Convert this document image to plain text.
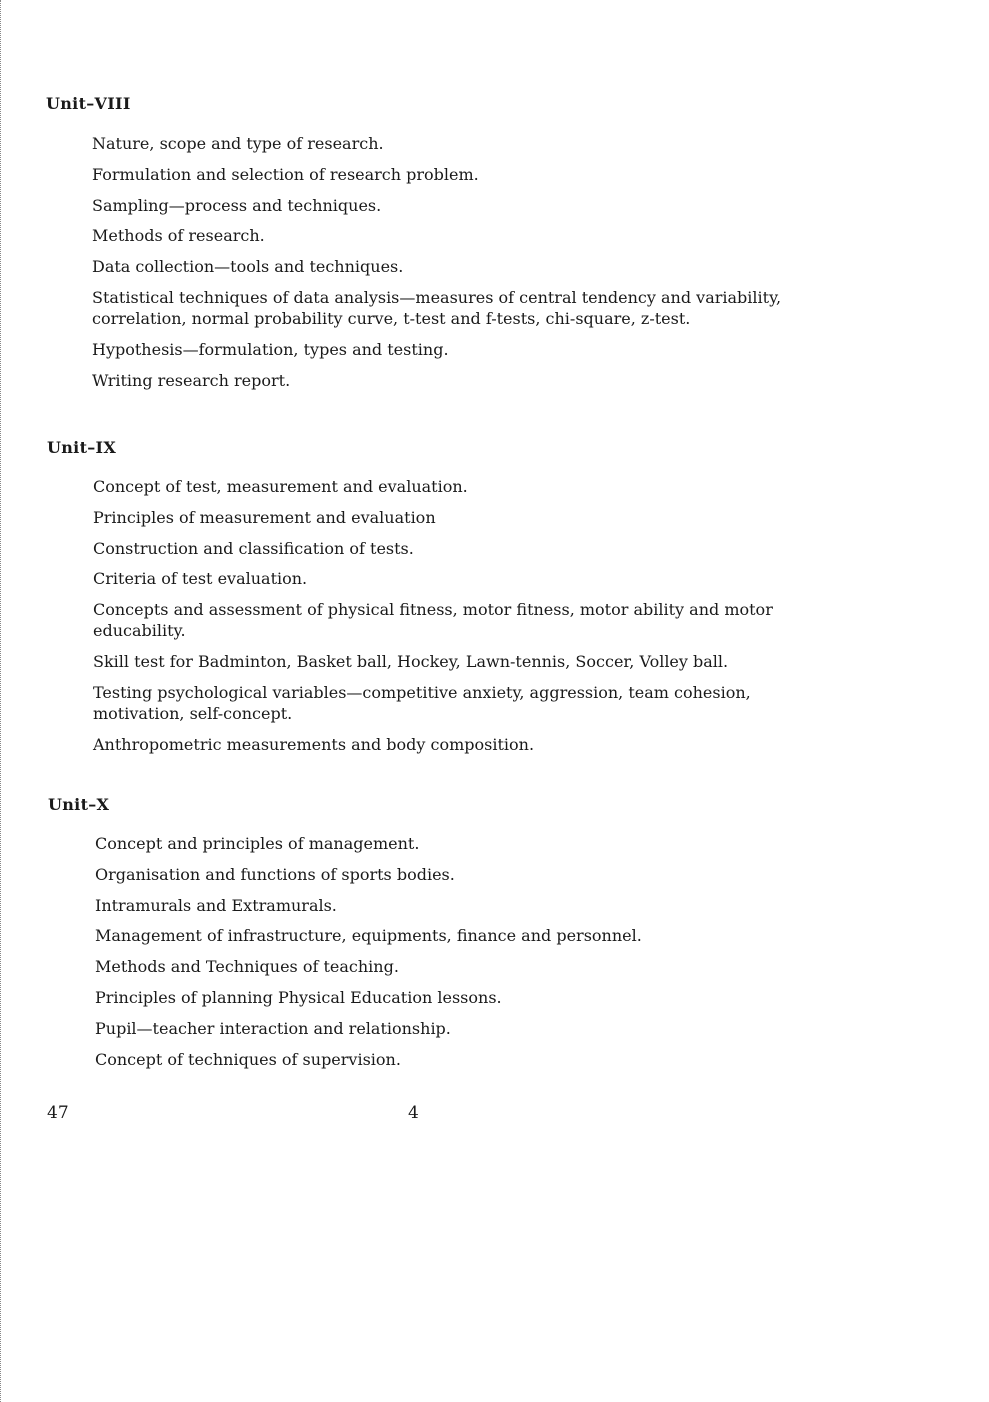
Unit–VIII
Nature, scope and type of research.
Formulation and selection of research problem.
Sampling—process and techniques.
Methods of research.
Data collection—tools and techniques.
Statistical techniques of data analysis—measures of central tendency and variability, correlation, normal probability curve, t-test and f-tests, chi-square, z-test.
Hypothesis—formulation, types and testing.
Writing research report.
Unit–IX
Concept of test, measurement and evaluation.
Principles of measurement and evaluation
Construction and classification of tests.
Criteria of test evaluation.
Concepts and assessment of physical fitness, motor fitness, motor ability and motor educability.
Skill test for Badminton, Basket ball, Hockey, Lawn-tennis, Soccer, Volley ball.
Testing psychological variables—competitive anxiety, aggression, team cohesion, motivation, self-concept.
Anthropometric measurements and body composition.
Unit–X
Concept and principles of management.
Organisation and functions of sports bodies.
Intramurals and Extramurals.
Management of infrastructure, equipments, finance and personnel.
Methods and Techniques of teaching.
Principles of planning Physical Education lessons.
Pupil—teacher interaction and relationship.
Concept of techniques of supervision.
47	4
